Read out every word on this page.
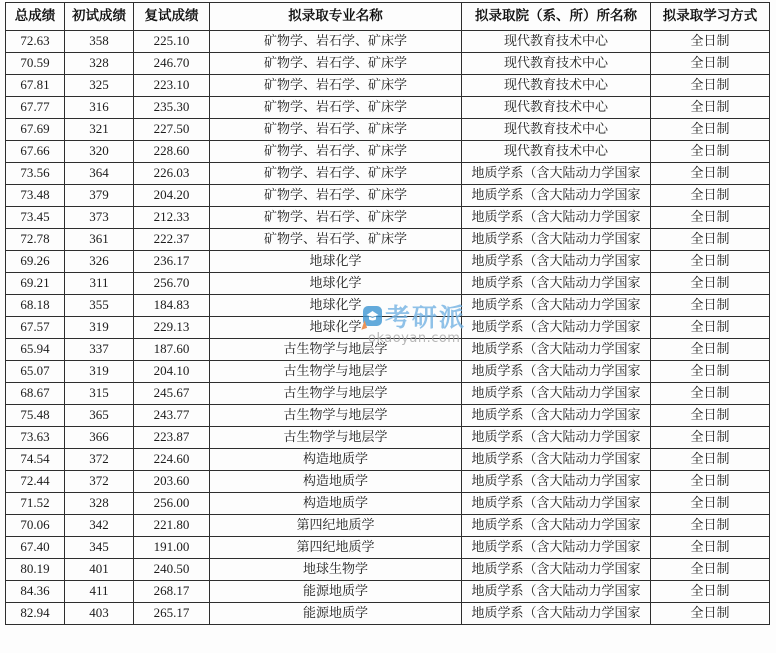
总成绩	初试成绩	复试成绩	拟录取专业名称	拟录取院（系、所）所名称	拟录取学习方式
72.63	358	225.10	矿物学、岩石学、矿床学	现代教育技术中心	全日制
70.59	328	246.70	矿物学、岩石学、矿床学	现代教育技术中心	全日制
67.81	325	223.10	矿物学、岩石学、矿床学	现代教育技术中心	全日制
67.77	316	235.30	矿物学、岩石学、矿床学	现代教育技术中心	全日制
67.69	321	227.50	矿物学、岩石学、矿床学	现代教育技术中心	全日制
67.66	320	228.60	矿物学、岩石学、矿床学	现代教育技术中心	全日制
73.56	364	226.03	矿物学、岩石学、矿床学	地质学系（含大陆动力学国家	全日制
73.48	379	204.20	矿物学、岩石学、矿床学	地质学系（含大陆动力学国家	全日制
73.45	373	212.33	矿物学、岩石学、矿床学	地质学系（含大陆动力学国家	全日制
72.78	361	222.37	矿物学、岩石学、矿床学	地质学系（含大陆动力学国家	全日制
69.26	326	236.17	地球化学	地质学系（含大陆动力学国家	全日制
69.21	311	256.70	地球化学	地质学系（含大陆动力学国家	全日制
68.18	355	184.83	地球化学	地质学系（含大陆动力学国家	全日制
67.57	319	229.13	地球化学	地质学系（含大陆动力学国家	全日制
65.94	337	187.60	古生物学与地层学	地质学系（含大陆动力学国家	全日制
65.07	319	204.10	古生物学与地层学	地质学系（含大陆动力学国家	全日制
68.67	315	245.67	古生物学与地层学	地质学系（含大陆动力学国家	全日制
75.48	365	243.77	古生物学与地层学	地质学系（含大陆动力学国家	全日制
73.63	366	223.87	古生物学与地层学	地质学系（含大陆动力学国家	全日制
74.54	372	224.60	构造地质学	地质学系（含大陆动力学国家	全日制
72.44	372	203.60	构造地质学	地质学系（含大陆动力学国家	全日制
71.52	328	256.00	构造地质学	地质学系（含大陆动力学国家	全日制
70.06	342	221.80	第四纪地质学	地质学系（含大陆动力学国家	全日制
67.40	345	191.00	第四纪地质学	地质学系（含大陆动力学国家	全日制
80.19	401	240.50	地球生物学	地质学系（含大陆动力学国家	全日制
84.36	411	268.17	能源地质学	地质学系（含大陆动力学国家	全日制
82.94	403	265.17	能源地质学	地质学系（含大陆动力学国家	全日制
考研派
okaoyan.com
